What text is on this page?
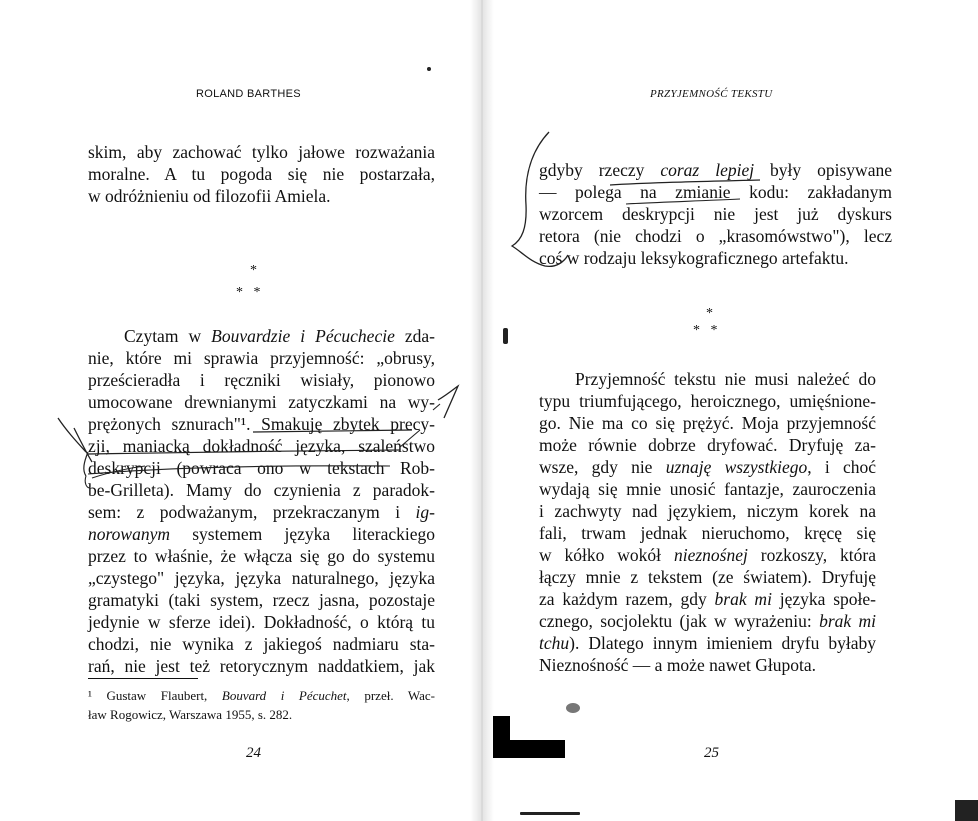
ROLAND BARTHES
skim, aby zachować tylko jałowe rozważania
moralne. A tu pogoda się nie postarzała,
w odróżnieniu od filozofii Amiela.
*
*   *
Czytam w Bouvardzie i Pécuchecie zda-
nie, które mi sprawia przyjemność: „obrusy,
prześcieradła i ręczniki wisiały, pionowo
umocowane drewnianymi zatyczkami na wy-
prężonych sznurach"¹. Smakuję zbytek precy-
zji, maniacką dokładność języka, szaleństwo
deskrypcji (powraca ono w tekstach Rob-
be-Grilleta). Mamy do czynienia z paradok-
sem: z podważanym, przekraczanym i ig-
norowanym systemem języka literackiego
przez to właśnie, że włącza się go do systemu
„czystego" języka, języka naturalnego, języka
gramatyki (taki system, rzecz jasna, pozostaje
jedynie w sferze idei). Dokładność, o którą tu
chodzi, nie wynika z jakiegoś nadmiaru sta-
rań, nie jest też retorycznym naddatkiem, jak
¹ Gustaw Flaubert, Bouvard i Pécuchet, przeł. Wac-
ław Rogowicz, Warszawa 1955, s. 282.
24
PRZYJEMNOŚĆ TEKSTU
gdyby rzeczy coraz lepiej były opisywane
— polega na zmianie kodu: zakładanym
wzorcem deskrypcji nie jest już dyskurs
retora (nie chodzi o „krasomówstwo"), lecz
coś w rodzaju leksykograficznego artefaktu.
*
*   *
Przyjemność tekstu nie musi należeć do
typu triumfującego, heroicznego, umięśnione-
go. Nie ma co się prężyć. Moja przyjemność
może równie dobrze dryfować. Dryfuję za-
wsze, gdy nie uznaję wszystkiego, i choć
wydają się mnie unosić fantazje, zauroczenia
i zachwyty nad językiem, niczym korek na
fali, trwam jednak nieruchomo, kręcę się
w kółko wokół nieznośnej rozkoszy, która
łączy mnie z tekstem (ze światem). Dryfuję
za każdym razem, gdy brak mi języka społe-
cznego, socjolektu (jak w wyrażeniu: brak mi
tchu). Dlatego innym imieniem dryfu byłaby
Nieznośność — a może nawet Głupota.
25
